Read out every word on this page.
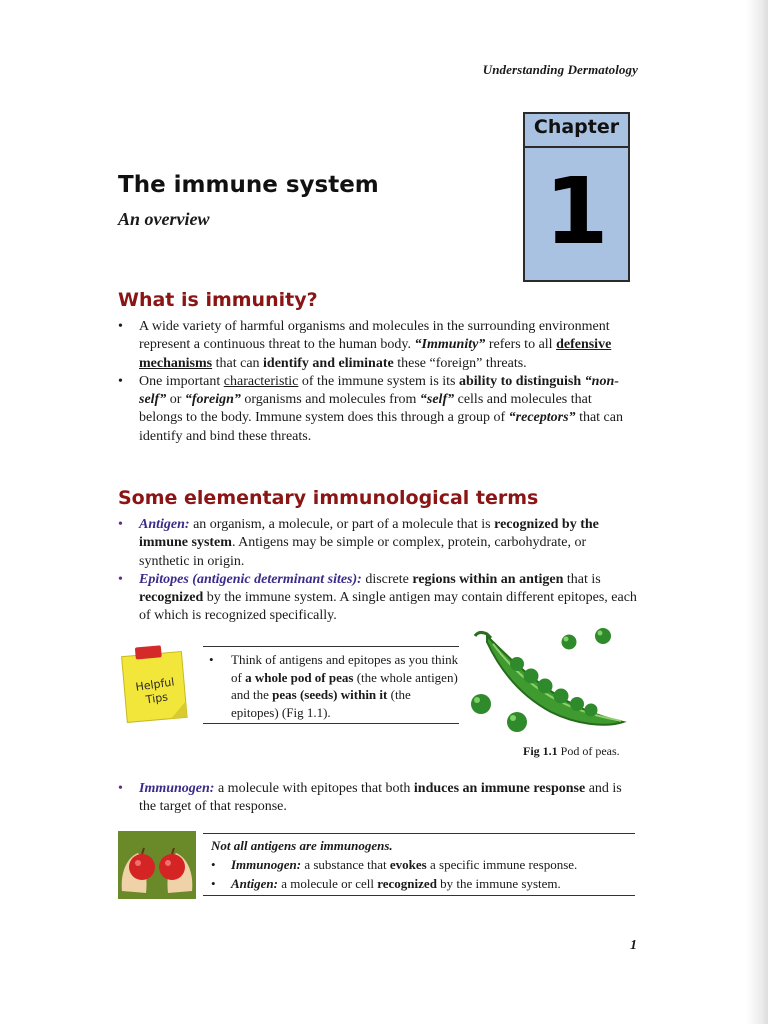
Understanding Dermatology
Chapter
1
The immune system
An overview
What is immunity?
• A wide variety of harmful organisms and molecules in the surrounding environment represent a continuous threat to the human body. “Immunity” refers to all defensive mechanisms that can identify and eliminate these “foreign” threats.
• One important characteristic of the immune system is its ability to distinguish “non-self” or “foreign” organisms and molecules from “self” cells and molecules that belongs to the body. Immune system does this through a group of “receptors” that can identify and bind these threats.
Some elementary immunological terms
• Antigen: an organism, a molecule, or part of a molecule that is recognized by the immune system. Antigens may be simple or complex, protein, carbohydrate, or synthetic in origin.
• Epitopes (antigenic determinant sites): discrete regions within an antigen that is recognized by the immune system. A single antigen may contain different epitopes, each of which is recognized specifically.
Helpful Tips
• Think of antigens and epitopes as you think of a whole pod of peas (the whole antigen) and the peas (seeds) within it (the epitopes) (Fig 1.1).
Fig 1.1 Pod of peas.
• Immunogen: a molecule with epitopes that both induces an immune response and is the target of that response.
Not all antigens are immunogens.
• Immunogen: a substance that evokes a specific immune response.
• Antigen: a molecule or cell recognized by the immune system.
1
